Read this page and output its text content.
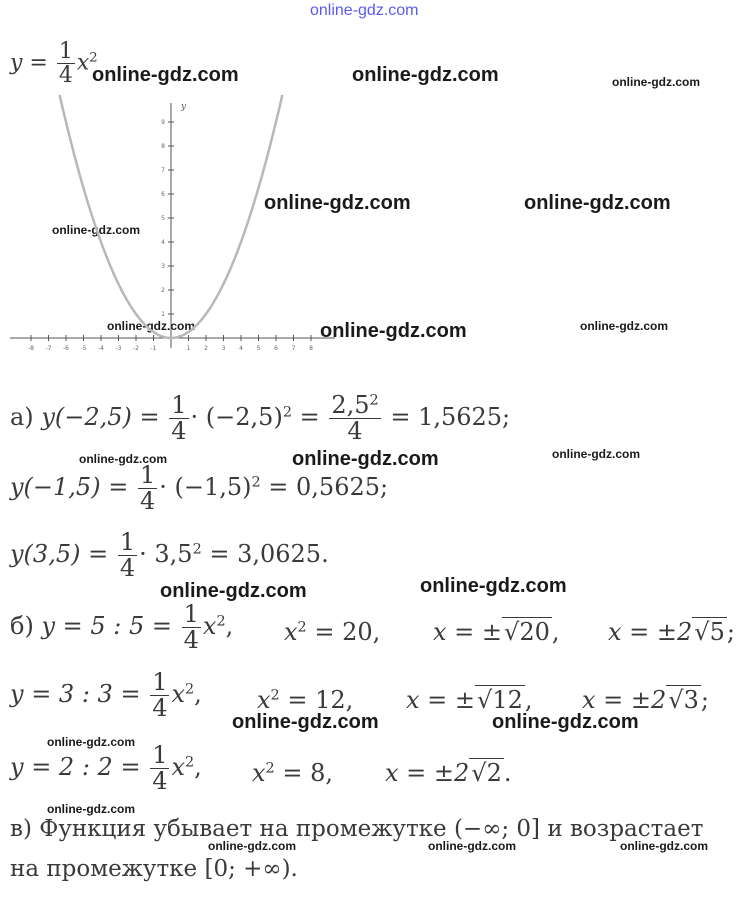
online-gdz.com
online-gdz.com	online-gdz.com	online-gdz.com
online-gdz.com	online-gdz.com
online-gdz.com
online-gdz.com
online-gdz.com	online-gdz.com
online-gdz.com	online-gdz.com	online-gdz.com
online-gdz.com	online-gdz.com
online-gdz.com	online-gdz.com
online-gdz.com
online-gdz.com
online-gdz.com	online-gdz.com	online-gdz.com
$y = \frac{1}{4} x^2$
-8 -7 -6 -5 -4 -3 -2 -1	1 2 3 4 5 6 7 8
1
2
3
4
5
6
7
8
9
y
а) $y(-2,5) = \frac{1}{4} \cdot (-2,5)^2 = \frac{2,5^2}{4} = 1,5625$;
$y(-1,5) = \frac{1}{4} \cdot (-1,5)^2 = 0,5625$;
$y(3,5) = \frac{1}{4} \cdot 3,5^2 = 3,0625$.
б) y = 5 : $5 = \frac{1}{4} x^2$, $x^2 = 20$, x = ±√20, x = ±2√5;
y = 3 : $3 = \frac{1}{4} x^2$, $x^2 = 12$, x = ±√12, x = ±2√3;
y = 2 : $2 = \frac{1}{4} x^2$, $x^2 = 8$, x = ±2√2.
в) Функция убывает на промежутке (−∞; 0] и возрастает
на промежутке [0; +∞).
